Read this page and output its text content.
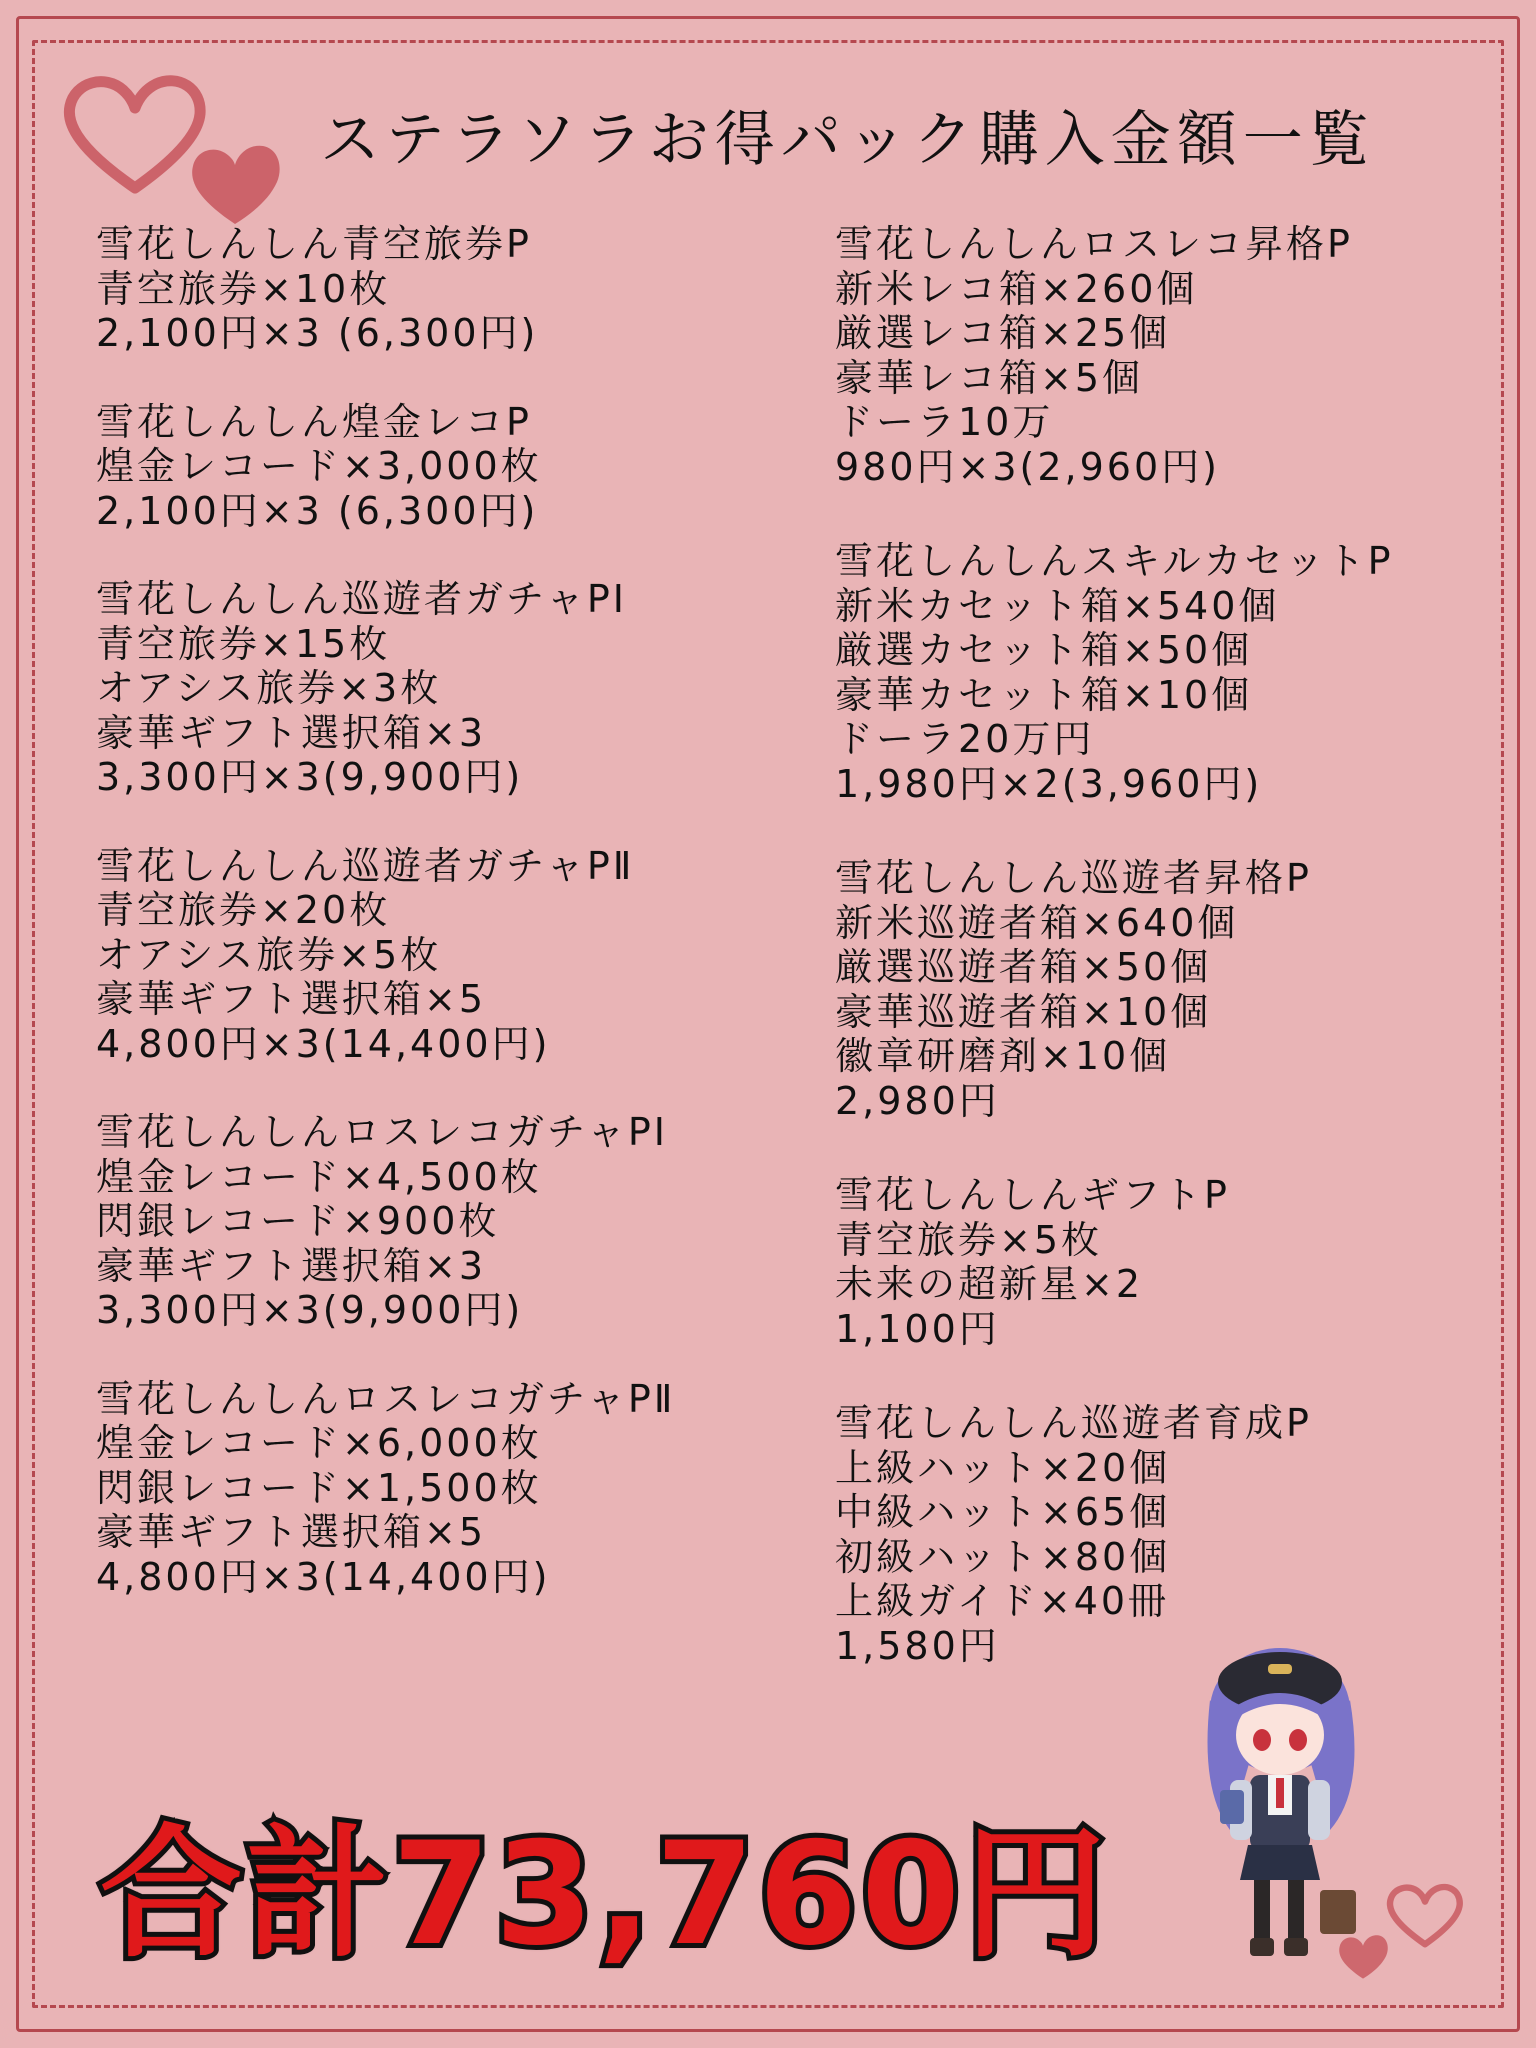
ステラソラお得パック購入金額一覧
雪花しんしん青空旅券P
青空旅券×10枚
2,100円×3 (6,300円)
雪花しんしん煌金レコP
煌金レコード×3,000枚
2,100円×3 (6,300円)
雪花しんしん巡遊者ガチャPⅠ
青空旅券×15枚
オアシス旅券×3枚
豪華ギフト選択箱×3
3,300円×3(9,900円)
雪花しんしん巡遊者ガチャPⅡ
青空旅券×20枚
オアシス旅券×5枚
豪華ギフト選択箱×5
4,800円×3(14,400円)
雪花しんしんロスレコガチャPⅠ
煌金レコード×4,500枚
閃銀レコード×900枚
豪華ギフト選択箱×3
3,300円×3(9,900円)
雪花しんしんロスレコガチャPⅡ
煌金レコード×6,000枚
閃銀レコード×1,500枚
豪華ギフト選択箱×5
4,800円×3(14,400円)
雪花しんしんロスレコ昇格P
新米レコ箱×260個
厳選レコ箱×25個
豪華レコ箱×5個
ドーラ10万
980円×3(2,960円)
雪花しんしんスキルカセットP
新米カセット箱×540個
厳選カセット箱×50個
豪華カセット箱×10個
ドーラ20万円
1,980円×2(3,960円)
雪花しんしん巡遊者昇格P
新米巡遊者箱×640個
厳選巡遊者箱×50個
豪華巡遊者箱×10個
徽章研磨剤×10個
2,980円
雪花しんしんギフトP
青空旅券×5枚
未来の超新星×2
1,100円
雪花しんしん巡遊者育成P
上級ハット×20個
中級ハット×65個
初級ハット×80個
上級ガイド×40冊
1,580円
合計73,760円
